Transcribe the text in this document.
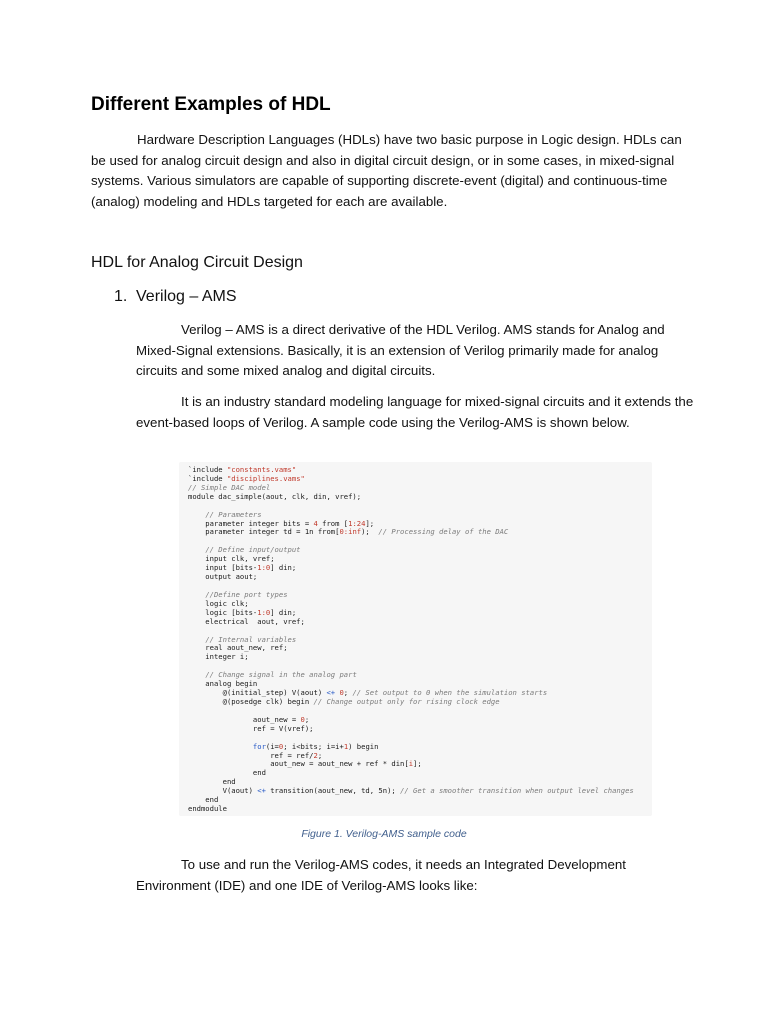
Different Examples of HDL
Hardware Description Languages (HDLs) have two basic purpose in Logic design. HDLs can be used for analog circuit design and also in digital circuit design, or in some cases, in mixed-signal systems. Various simulators are capable of supporting discrete-event (digital) and continuous-time (analog) modeling and HDLs targeted for each are available.
HDL for Analog Circuit Design
1. Verilog – AMS
Verilog – AMS is a direct derivative of the HDL Verilog. AMS stands for Analog and Mixed-Signal extensions. Basically, it is an extension of Verilog primarily made for analog circuits and some mixed analog and digital circuits.
It is an industry standard modeling language for mixed-signal circuits and it extends the event-based loops of Verilog. A sample code using the Verilog-AMS is shown below.
`include "constants.vams"
`include "disciplines.vams"
// Simple DAC model
module dac_simple(aout, clk, din, vref);

// Parameters
parameter integer bits = 4 from [1:24];
parameter integer td = 1n from[0:inf);  // Processing delay of the DAC

// Define input/output
input clk, vref;
input [bits-1:0] din;
output aout;

//Define port types
logic clk;
logic [bits-1:0] din;
electrical  aout, vref;

// Internal variables
real aout_new, ref;
integer i;

// Change signal in the analog part
analog begin
@(initial_step) V(aout) <+ 0; // Set output to 0 when the simulation starts
@(posedge clk) begin // Change output only for rising clock edge

aout_new = 0;
ref = V(vref);

for(i=0; i<bits; i=i+1) begin
ref = ref/2;
aout_new = aout_new + ref * din[i];
end
end
V(aout) <+ transition(aout_new, td, 5n); // Get a smoother transition when output level changes
end
endmodule
Figure 1. Verilog-AMS sample code
To use and run the Verilog-AMS codes, it needs an Integrated Development Environment (IDE) and one IDE of Verilog-AMS looks like:
